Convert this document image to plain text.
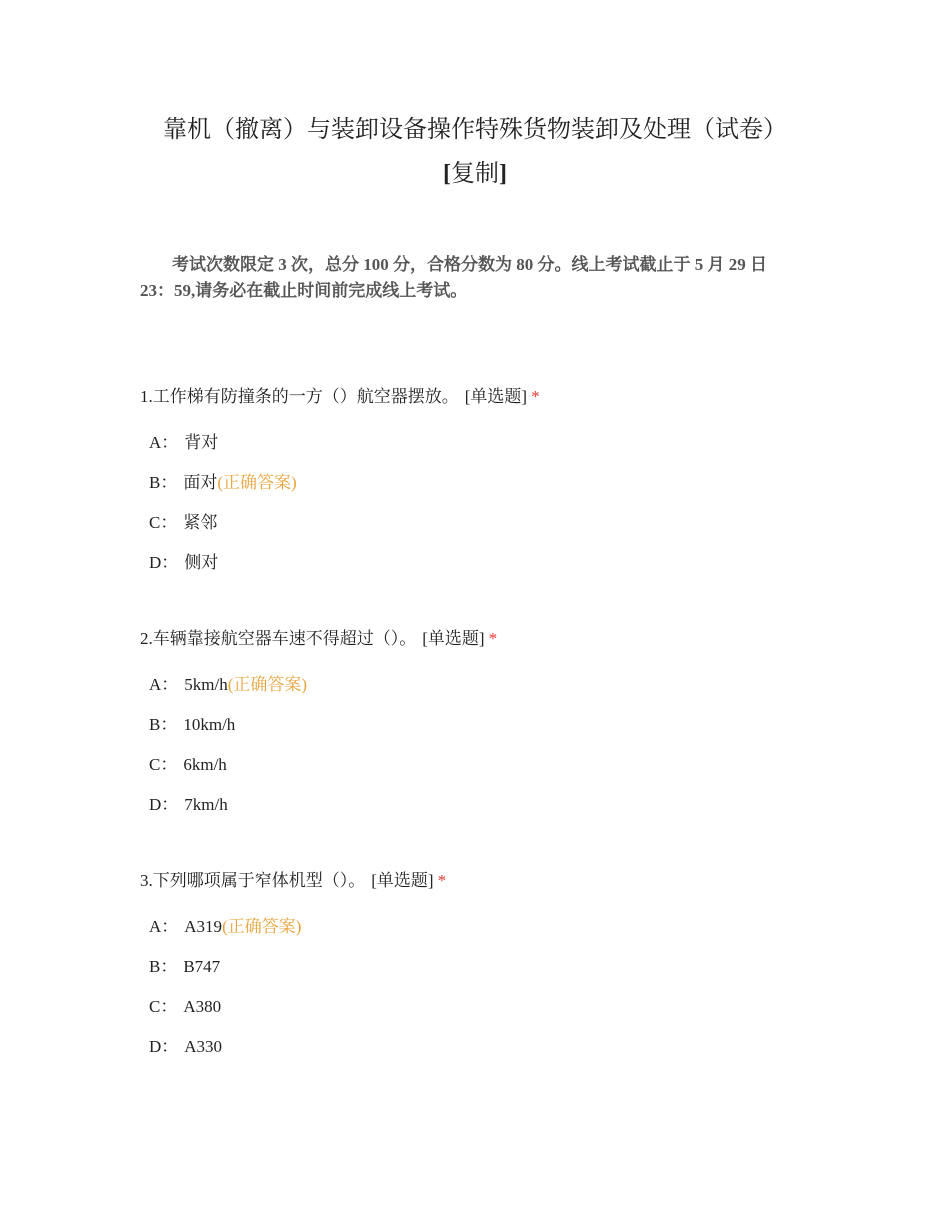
靠机（撤离）与装卸设备操作特殊货物装卸及处理（试卷）
[复制]
考试次数限定 3 次，总分 100 分，合格分数为 80 分。线上考试截止于 5 月 29 日 23：59,请务必在截止时间前完成线上考试。
1.工作梯有防撞条的一方（）航空器摆放。 [单选题] *
A： 背对
B： 面对(正确答案)
C： 紧邻
D： 侧对
2.车辆靠接航空器车速不得超过（）。 [单选题] *
A： 5km/h(正确答案)
B： 10km/h
C： 6km/h
D： 7km/h
3.下列哪项属于窄体机型（）。 [单选题] *
A： A319(正确答案)
B： B747
C： A380
D： A330
